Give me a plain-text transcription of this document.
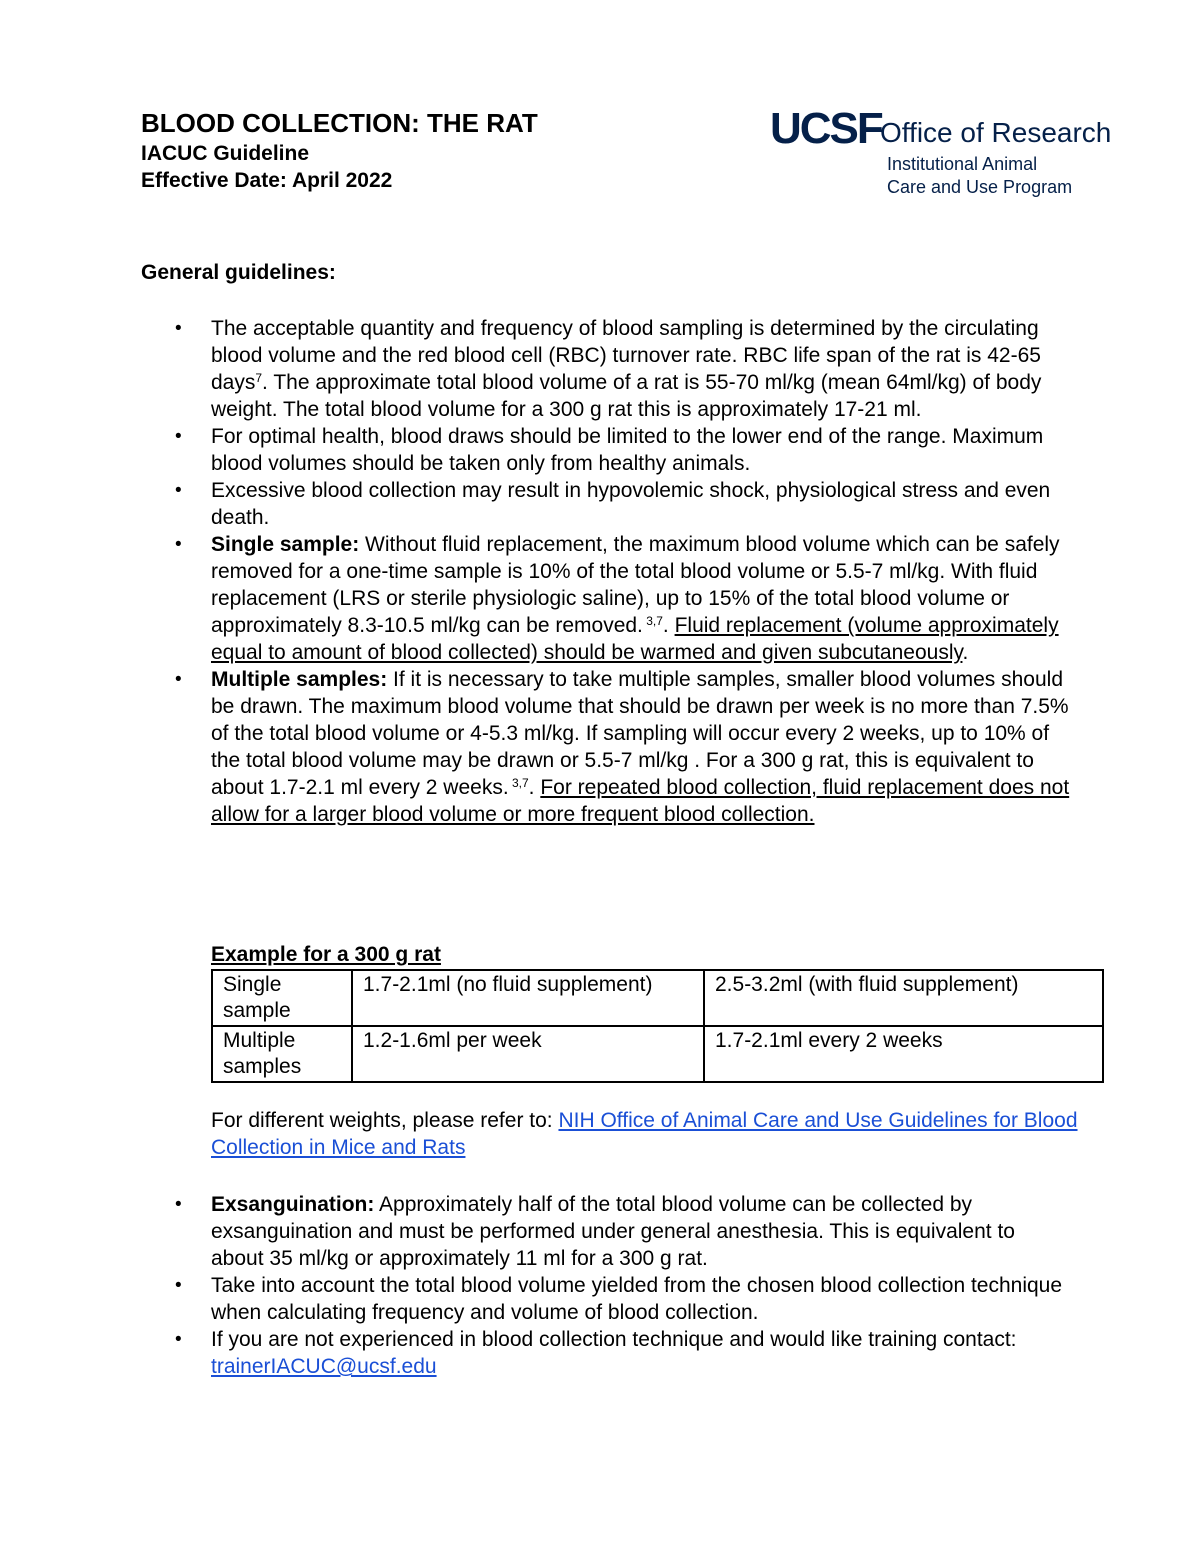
BLOOD COLLECTION: THE RAT
IACUC Guideline
Effective Date: April 2022
UCSF
Office of Research
Institutional Animal
Care and Use Program
General guidelines:
• The acceptable quantity and frequency of blood sampling is determined by the circulating blood volume and the red blood cell (RBC) turnover rate. RBC life span of the rat is 42-65 days$^7$. The approximate total blood volume of a rat is 55-70 ml/kg (mean 64ml/kg) of body weight. The total blood volume for a 300 g rat this is approximately 17-21 ml.
• For optimal health, blood draws should be limited to the lower end of the range. Maximum blood volumes should be taken only from healthy animals.
• Excessive blood collection may result in hypovolemic shock, physiological stress and even death.
• Single sample: Without fluid replacement, the maximum blood volume which can be safely removed for a one-time sample is 10% of the total blood volume or 5.5-7 ml/kg. With fluid replacement (LRS or sterile physiologic saline), up to 15% of the total blood volume or approximately 8.3-10.5 ml/kg can be removed. $^{3,7}$. Fluid replacement (volume approximately equal to amount of blood collected) should be warmed and given subcutaneously.
• Multiple samples: If it is necessary to take multiple samples, smaller blood volumes should be drawn. The maximum blood volume that should be drawn per week is no more than 7.5% of the total blood volume or 4-5.3 ml/kg. If sampling will occur every 2 weeks, up to 10% of the total blood volume may be drawn or 5.5-7 ml/kg . For a 300 g rat, this is equivalent to about 1.7-2.1 ml every 2 weeks. $^{3,7}$. For repeated blood collection, fluid replacement does not allow for a larger blood volume or more frequent blood collection.
Example for a 300 g rat
Single sample	1.7-2.1ml (no fluid supplement)	2.5-3.2ml (with fluid supplement)
Multiple samples	1.2-1.6ml per week	1.7-2.1ml every 2 weeks
For different weights, please refer to: NIH Office of Animal Care and Use Guidelines for Blood Collection in Mice and Rats
• Exsanguination: Approximately half of the total blood volume can be collected by exsanguination and must be performed under general anesthesia. This is equivalent to about 35 ml/kg or approximately 11 ml for a 300 g rat.
• Take into account the total blood volume yielded from the chosen blood collection technique when calculating frequency and volume of blood collection.
• If you are not experienced in blood collection technique and would like training contact: trainerIACUC@ucsf.edu
